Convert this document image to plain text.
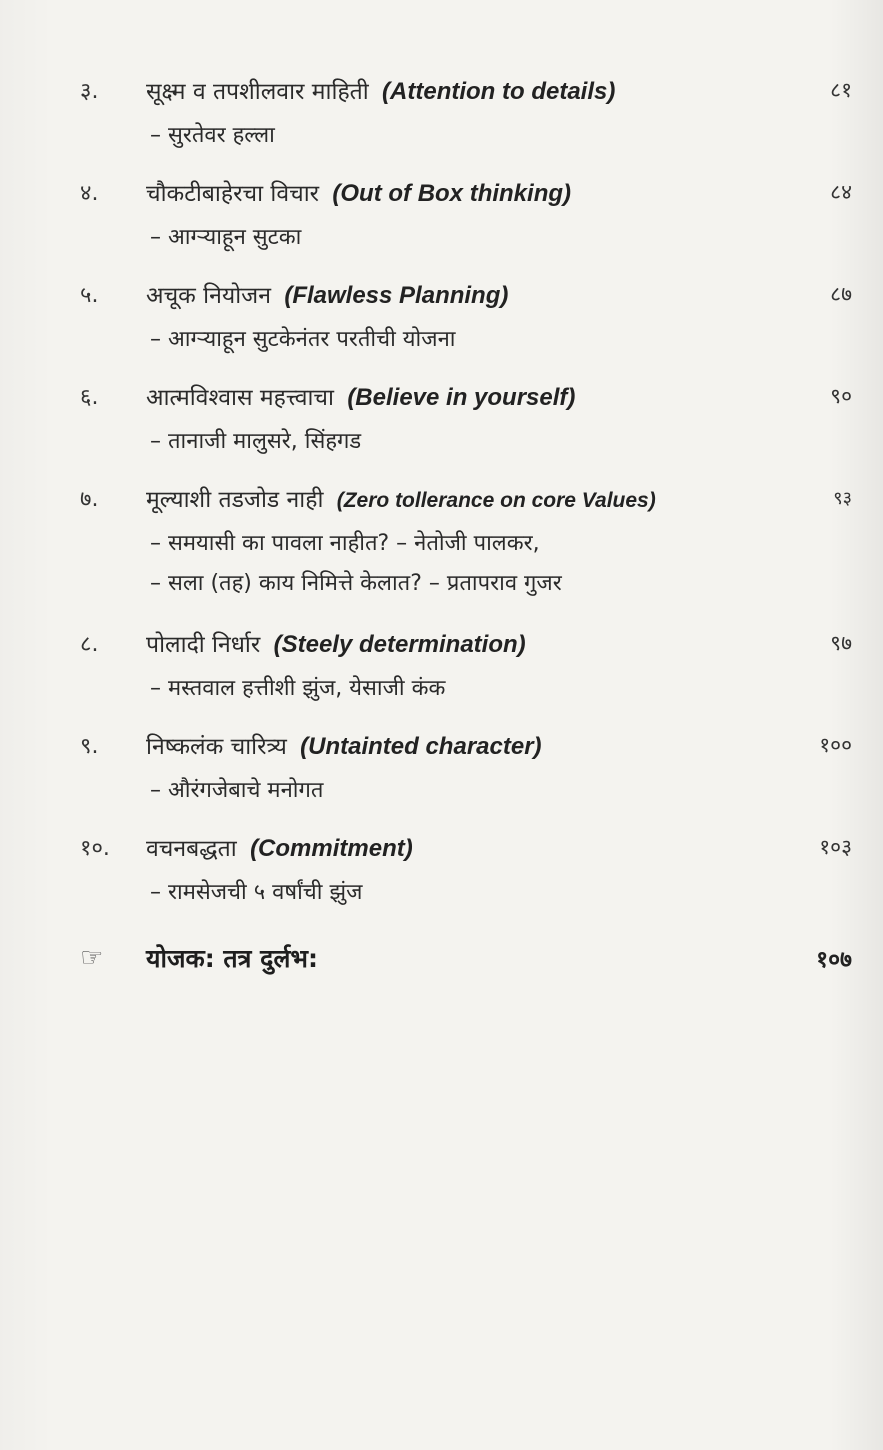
३.	सूक्ष्म व तपशीलवार माहिती (Attention to details)	८१
– सुरतेवर हल्ला
४.	चौकटीबाहेरचा विचार (Out of Box thinking)	८४
– आग्‍ऱ्याहून सुटका
५.	अचूक नियोजन (Flawless Planning)	८७
– आग्‍ऱ्याहून सुटकेनंतर परतीची योजना
६.	आत्मविश्वास महत्त्वाचा (Believe in yourself)	९०
– तानाजी मालुसरे, सिंहगड
७.	मूल्याशी तडजोड नाही (Zero tollerance on core Values)	९३
– समयासी का पावला नाहीत? – नेतोजी पालकर,
– सला (तह) काय निमित्ते केलात? – प्रतापराव गुजर
८.	पोलादी निर्धार (Steely determination)	९७
– मस्तवाल हत्तीशी झुंज, येसाजी कंक
९.	निष्कलंक चारित्र्य (Untainted character)	१००
– औरंगजेबाचे मनोगत
१०.	वचनबद्धता (Commitment)	१०३
– रामसेजची ५ वर्षांची झुंज
☞	योजक: तत्र दुर्लभ:	१०७
